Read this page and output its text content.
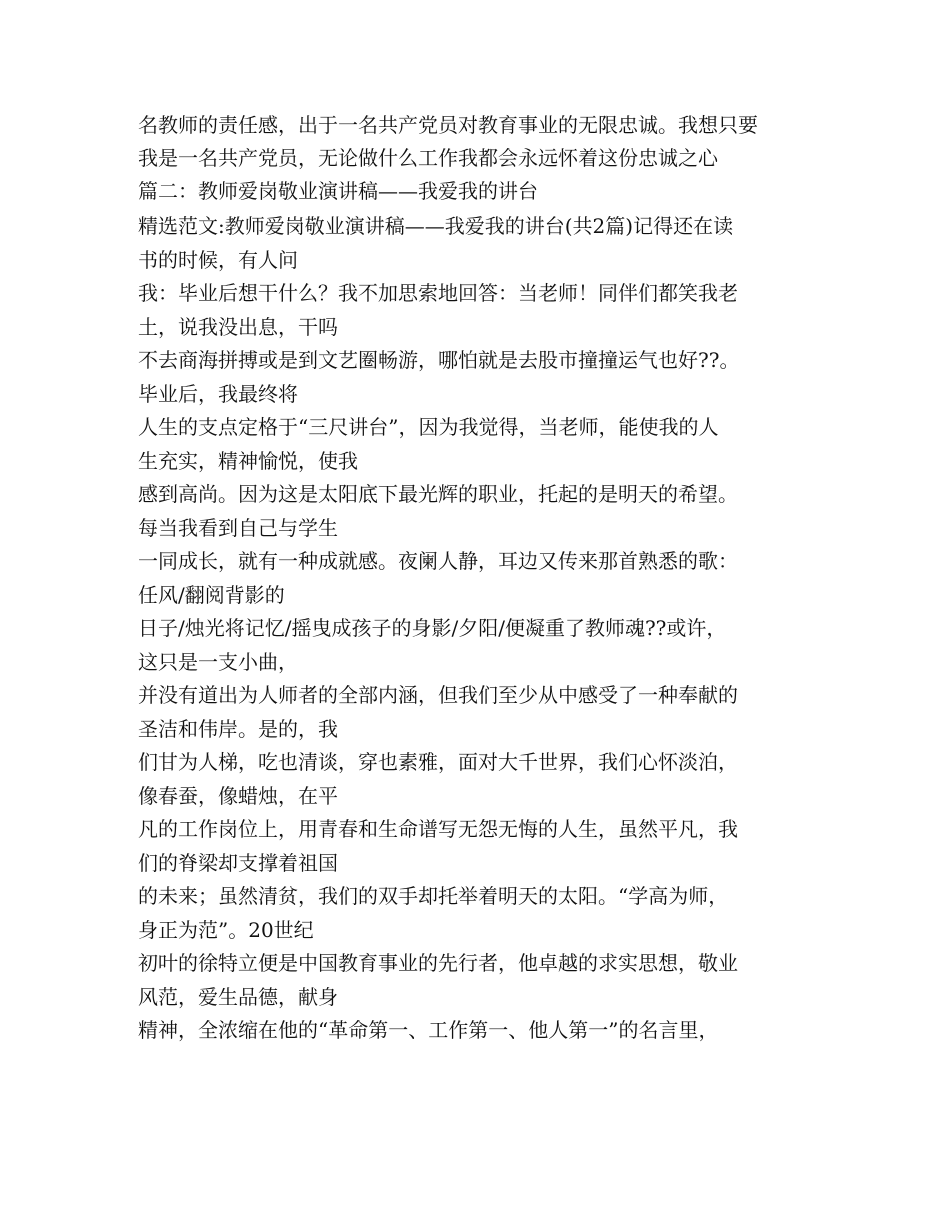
名教师的责任感，出于一名共产党员对教育事业的无限忠诚。我想只要
我是一名共产党员，无论做什么工作我都会永远怀着这份忠诚之心
篇二：教师爱岗敬业演讲稿——我爱我的讲台
精选范文:教师爱岗敬业演讲稿——我爱我的讲台(共2篇)记得还在读
书的时候，有人问
我：毕业后想干什么？我不加思索地回答：当老师！同伴们都笑我老
土，说我没出息，干吗
不去商海拼搏或是到文艺圈畅游，哪怕就是去股市撞撞运气也好??。
毕业后，我最终将
人生的支点定格于“三尺讲台”，因为我觉得，当老师，能使我的人
生充实，精神愉悦，使我
感到高尚。因为这是太阳底下最光辉的职业，托起的是明天的希望。
每当我看到自己与学生
一同成长，就有一种成就感。夜阑人静，耳边又传来那首熟悉的歌：
任风/翻阅背影的
日子/烛光将记忆/摇曳成孩子的身影/夕阳/便凝重了教师魂??或许，
这只是一支小曲，
并没有道出为人师者的全部内涵，但我们至少从中感受了一种奉献的
圣洁和伟岸。是的，我
们甘为人梯，吃也清谈，穿也素雅，面对大千世界，我们心怀淡泊，
像春蚕，像蜡烛，在平
凡的工作岗位上，用青春和生命谱写无怨无悔的人生，虽然平凡，我
们的脊梁却支撑着祖国
的未来；虽然清贫，我们的双手却托举着明天的太阳。“学高为师，
身正为范”。20世纪
初叶的徐特立便是中国教育事业的先行者，他卓越的求实思想，敬业
风范，爱生品德，献身
精神，全浓缩在他的“革命第一、工作第一、他人第一”的名言里，
